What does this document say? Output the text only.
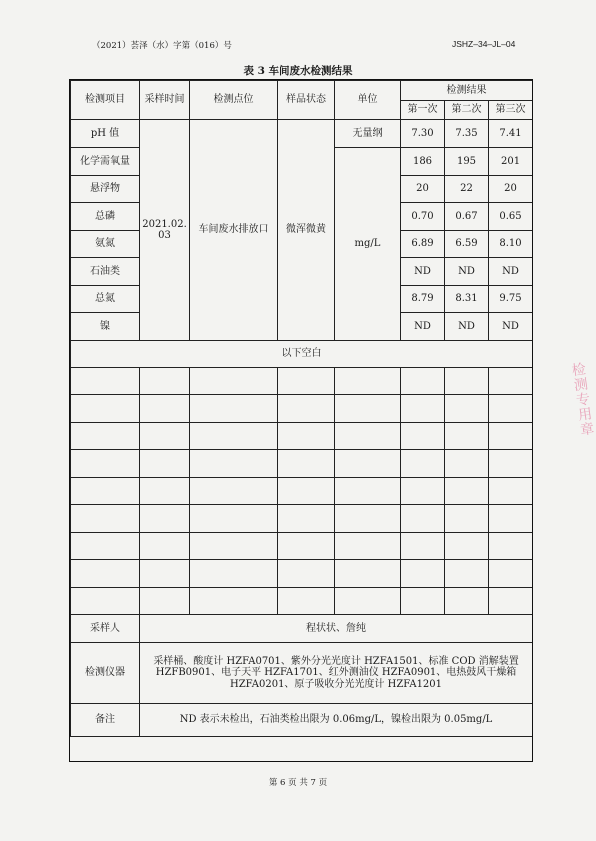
（2021）荟泽（水）字第（016）号	JSHZ–34–JL–04
表 3 车间废水检测结果
检测项目	采样时间	检测点位	样品状态	单位	检测结果		
					第一次	第二次	第三次
pH 值	2021.02.03	车间废水排放口	微浑微黄	无量纲	7.30	7.35	7.41
化学需氧量				mg/L	186	195	201
悬浮物					20	22	20
总磷					0.70	0.67	0.65
氨氮					6.89	6.59	8.10
石油类					ND	ND	ND
总氮					8.79	8.31	9.75
镍					ND	ND	ND
以下空白							

采样人	程状状、詹纯						
检测仪器	采样桶、酸度计 HZFA0701、紫外分光光度计 HZFA1501、标准 COD 消解装置 HZFB0901、电子天平 HZFA1701、红外测油仪 HZFA0901、电热鼓风干燥箱 HZFA0201、原子吸收分光光度计 HZFA1201						
备注	ND 表示未检出，石油类检出限为 0.06mg/L，镍检出限为 0.05mg/L						
检测专用章
第 6 页 共 7 页
